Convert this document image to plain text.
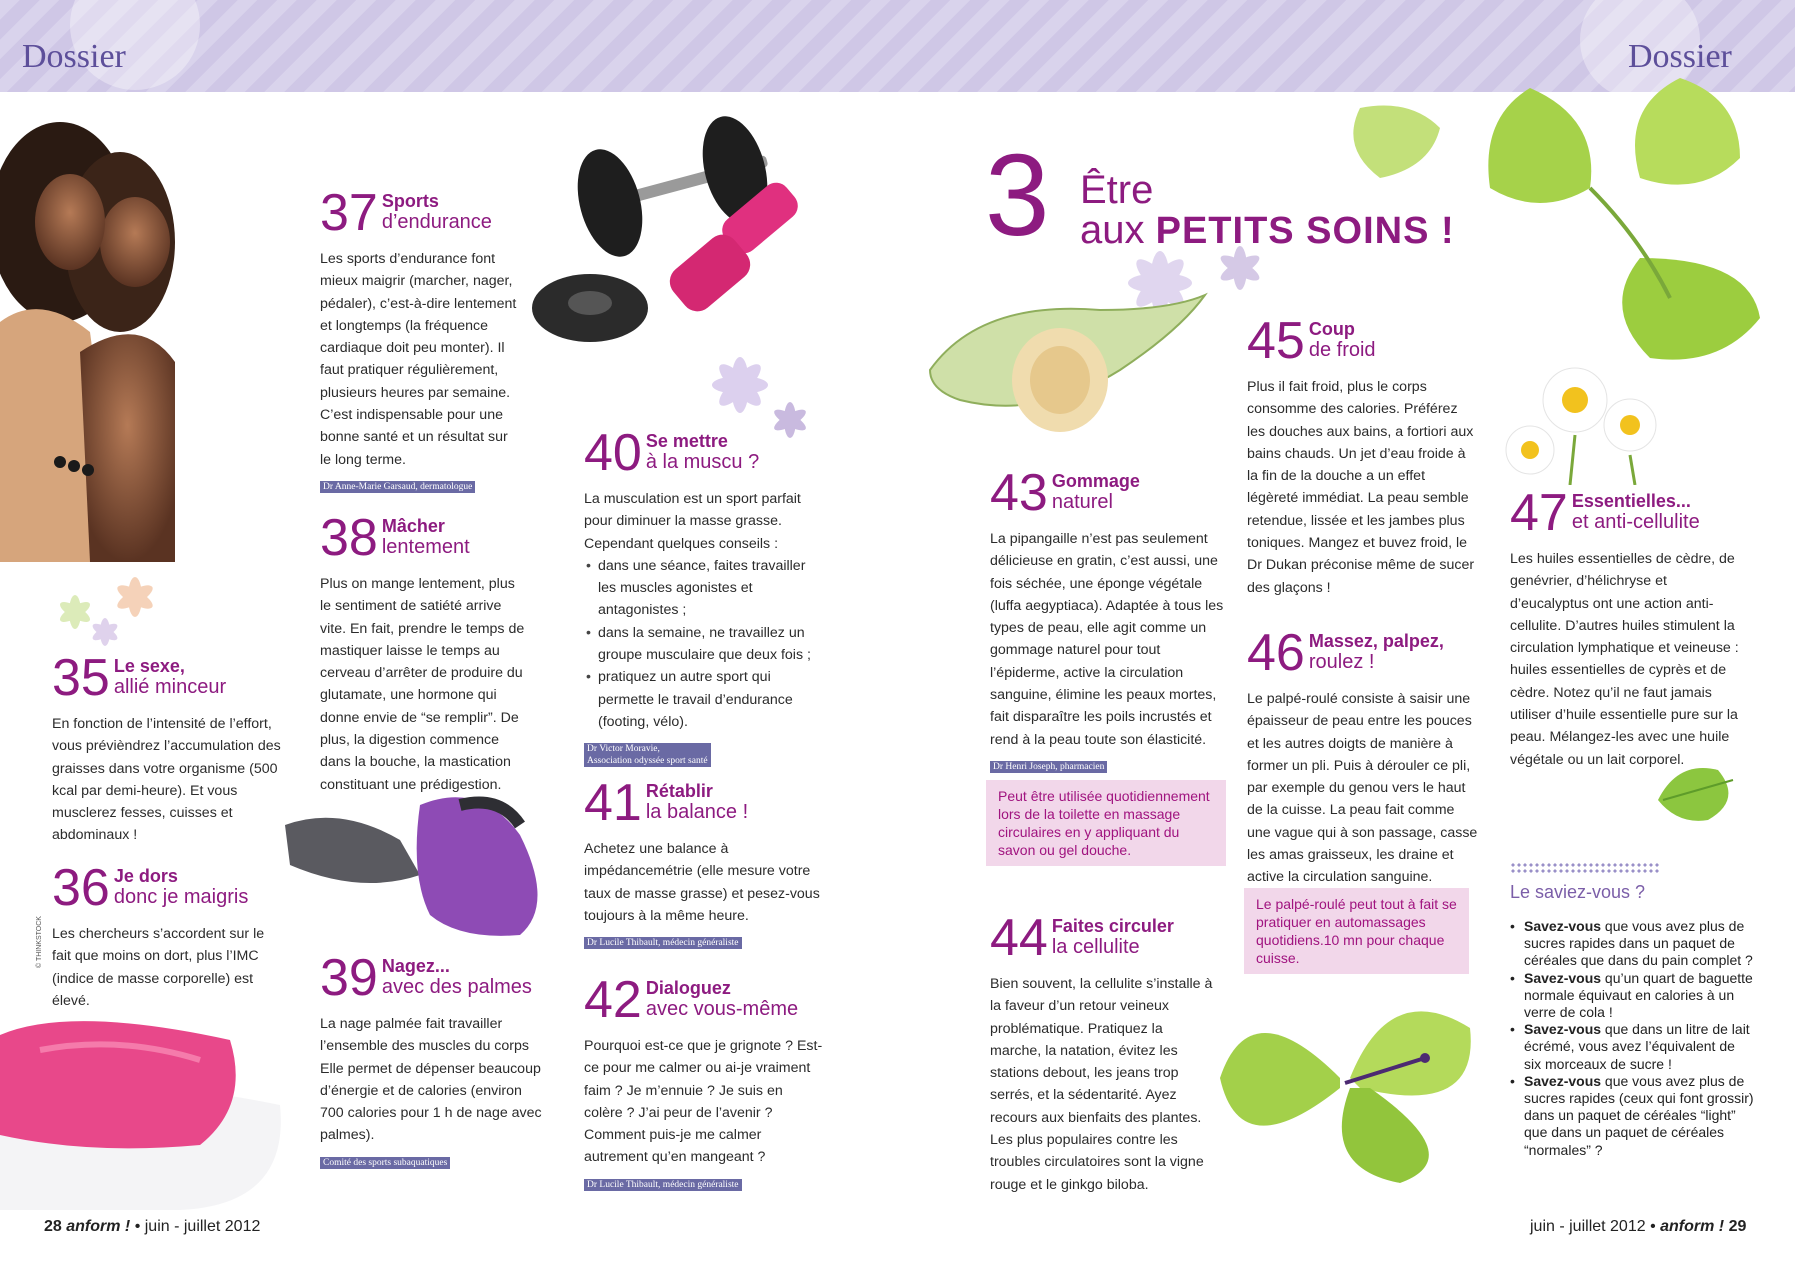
Dossier	Dossier
© THINKSTOCK
35 Le sexe,
allié minceur
En fonction de l’intensité de l’effort, vous prévièndrez l’accumulation des graisses dans votre organisme (500 kcal par demi-heure). Et vous musclerez fesses, cuisses et abdominaux !
36 Je dors
donc je maigris
Les chercheurs s’accordent sur le fait que moins on dort, plus l’IMC (indice de masse corporelle) est élevé.
37 Sports
d’endurance
Les sports d’endurance font mieux maigrir (marcher, nager, pédaler), c’est-à-dire lentement et longtemps (la fréquence cardiaque doit peu monter). Il faut pratiquer régulièrement, plusieurs heures par semaine. C’est indispensable pour une bonne santé et un résultat sur le long terme.
Dr Anne-Marie Garsaud, dermatologue
38 Mâcher
lentement
Plus on mange lentement, plus le sentiment de satiété arrive vite. En fait, prendre le temps de mastiquer laisse le temps au cerveau d’arrêter de produire du glutamate, une hormone qui donne envie de “se remplir”. De plus, la digestion commence dans la bouche, la mastication constituant une prédigestion.
39 Nagez...
avec des palmes
La nage palmée fait travailler l’ensemble des muscles du corps Elle permet de dépenser beaucoup d’énergie et de calories (environ 700 calories pour 1 h de nage avec palmes).
Comité des sports subaquatiques
40 Se mettre
à la muscu ?
La musculation est un sport parfait pour diminuer la masse grasse. Cependant quelques conseils :
• dans une séance, faites travailler les muscles agonistes et antagonistes ;
• dans la semaine, ne travaillez un groupe musculaire que deux fois ;
• pratiquez un autre sport qui permette le travail d’endurance (footing, vélo).
Dr Victor Moravie,
Association odyssée sport santé
41 Rétablir
la balance !
Achetez une balance à impédancemétrie (elle mesure votre taux de masse grasse) et pesez-vous toujours à la même heure.
Dr Lucile Thibault, médecin généraliste
42 Dialoguez
avec vous-même
Pourquoi est-ce que je grignote ? Est-ce pour me calmer ou ai-je vraiment faim ? Je m’ennuie ? Je suis en colère ? J’ai peur de l’avenir ? Comment puis-je me calmer autrement qu’en mangeant ?
Dr Lucile Thibault, médecin généraliste
3 Être
aux PETITS SOINS !
43 Gommage
naturel
La pipangaille n’est pas seulement délicieuse en gratin, c’est aussi, une fois séchée, une éponge végétale (luffa aegyptiaca). Adaptée à tous les types de peau, elle agit comme un gommage naturel pour tout l’épiderme, active la circulation sanguine, élimine les peaux mortes, fait disparaître les poils incrustés et rend à la peau toute son élasticité.
Dr Henri Joseph, pharmacien
Peut être utilisée quotidiennement lors de la toilette en massage circulaires en y appliquant du savon ou gel douche.
44 Faites circuler
la cellulite
Bien souvent, la cellulite s’installe à la faveur d’un retour veineux problématique. Pratiquez la marche, la natation, évitez les stations debout, les jeans trop serrés, et la sédentarité. Ayez recours aux bienfaits des plantes. Les plus populaires contre les troubles circulatoires sont la vigne rouge et le ginkgo biloba.
45 Coup
de froid
Plus il fait froid, plus le corps consomme des calories. Préférez les douches aux bains, a fortiori aux bains chauds. Un jet d’eau froide à la fin de la douche a un effet légèreté immédiat. La peau semble retendue, lissée et les jambes plus toniques. Mangez et buvez froid, le Dr Dukan préconise même de sucer des glaçons !
46 Massez, palpez,
roulez !
Le palpé-roulé consiste à saisir une épaisseur de peau entre les pouces et les autres doigts de manière à former un pli. Puis à dérouler ce pli, par exemple du genou vers le haut de la cuisse. La peau fait comme une vague qui à son passage, casse les amas graisseux, les draine et active la circulation sanguine.
Le palpé-roulé peut tout à fait se pratiquer en automassages quotidiens.10 mn pour chaque cuisse.
47 Essentielles...
et anti-cellulite
Les huiles essentielles de cèdre, de genévrier, d’hélichryse et d’eucalyptus ont une action anti-cellulite. D’autres huiles stimulent la circulation lymphatique et veineuse : huiles essentielles de cyprès et de cèdre. Notez qu’il ne faut jamais utiliser d’huile essentielle pure sur la peau. Mélangez-les avec une huile végétale ou un lait corporel.
Le saviez-vous ?
• Savez-vous que vous avez plus de sucres rapides dans un paquet de céréales que dans du pain complet ?
• Savez-vous qu’un quart de baguette normale équivaut en calories à un verre de cola !
• Savez-vous que dans un litre de lait écrémé, vous avez l’équivalent de six morceaux de sucre !
• Savez-vous que vous avez plus de sucres rapides (ceux qui font grossir) dans un paquet de céréales “light” que dans un paquet de céréales “normales” ?
28 anform ! • juin - juillet 2012	juin - juillet 2012 • anform ! 29
